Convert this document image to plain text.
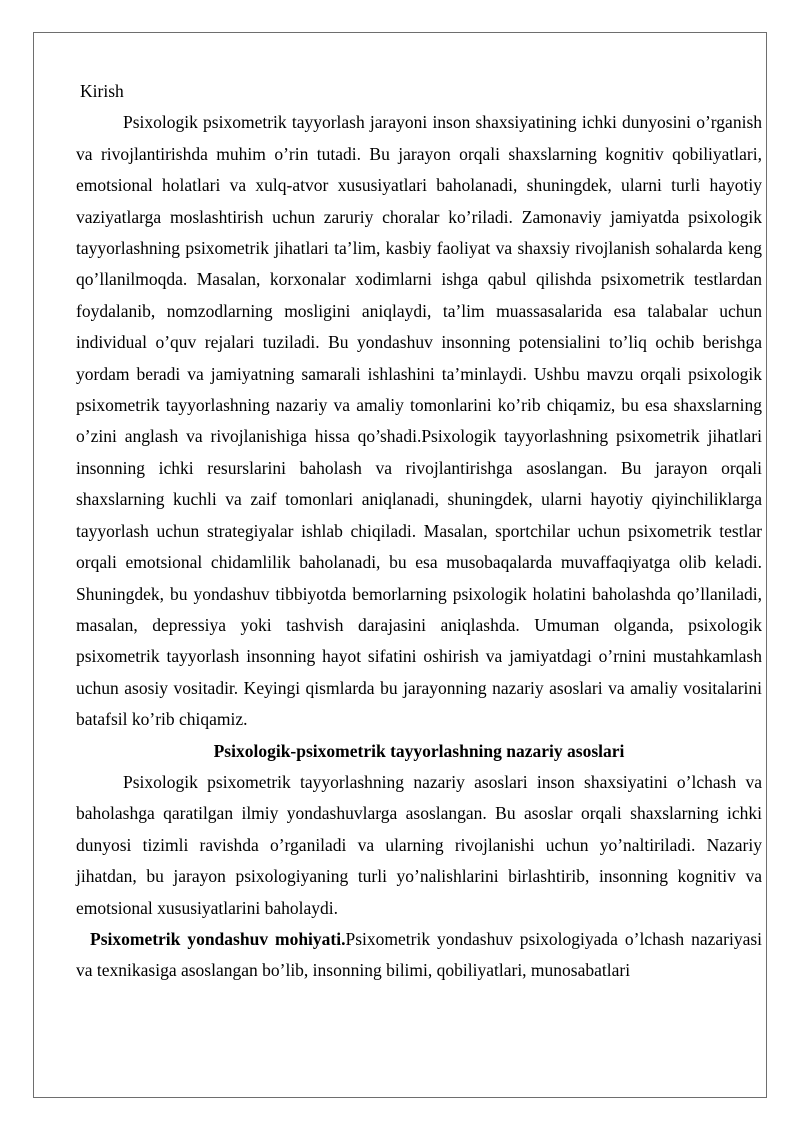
Kirish

Psixologik psixometrik tayyorlash jarayoni inson shaxsiyatining ichki dunyosini o’rganish va rivojlantirishda muhim o’rin tutadi. Bu jarayon orqali shaxslarning kognitiv qobiliyatlari, emotsional holatlari va xulq-atvor xususiyatlari baholanadi, shuningdek, ularni turli hayotiy vaziyatlarga moslashtirish uchun zaruriy choralar ko’riladi. Zamonaviy jamiyatda psixologik tayyorlashning psixometrik jihatlari ta’lim, kasbiy faoliyat va shaxsiy rivojlanish sohalarda keng qo’llanilmoqda. Masalan, korxonalar xodimlarni ishga qabul qilishda psixometrik testlardan foydalanib, nomzodlarning mosligini aniqlaydi, ta’lim muassasalarida esa talabalar uchun individual o’quv rejalari tuziladi. Bu yondashuv insonning potensialini to’liq ochib berishga yordam beradi va jamiyatning samarali ishlashini ta’minlaydi. Ushbu mavzu orqali psixologik psixometrik tayyorlashning nazariy va amaliy tomonlarini ko’rib chiqamiz, bu esa shaxslarning o’zini anglash va rivojlanishiga hissa qo’shadi.Psixologik tayyorlashning psixometrik jihatlari insonning ichki resurslarini baholash va rivojlantirishga asoslangan. Bu jarayon orqali shaxslarning kuchli va zaif tomonlari aniqlanadi, shuningdek, ularni hayotiy qiyinchiliklarga tayyorlash uchun strategiyalar ishlab chiqiladi. Masalan, sportchilar uchun psixometrik testlar orqali emotsional chidamlilik baholanadi, bu esa musobaqalarda muvaffaqiyatga olib keladi. Shuningdek, bu yondashuv tibbiyotda bemorlarning psixologik holatini baholashda qo’llaniladi, masalan, depressiya yoki tashvish darajasini aniqlashda. Umuman olganda, psixologik psixometrik tayyorlash insonning hayot sifatini oshirish va jamiyatdagi o’rnini mustahkamlash uchun asosiy vositadir. Keyingi qismlarda bu jarayonning nazariy asoslari va amaliy vositalarini batafsil ko’rib chiqamiz.

Psixologik-psixometrik tayyorlashning nazariy asoslari

Psixologik psixometrik tayyorlashning nazariy asoslari inson shaxsiyatini o’lchash va baholashga qaratilgan ilmiy yondashuvlarga asoslangan. Bu asoslar orqali shaxslarning ichki dunyosi tizimli ravishda o’rganiladi va ularning rivojlanishi uchun yo’naltiriladi. Nazariy jihatdan, bu jarayon psixologiyaning turli yo’nalishlarini birlashtirib, insonning kognitiv va emotsional xususiyatlarini baholaydi.

Psixometrik yondashuv mohiyati.Psixometrik yondashuv psixologiyada o’lchash nazariyasi va texnikasiga asoslangan bo’lib, insonning bilimi, qobiliyatlari, munosabatlari
